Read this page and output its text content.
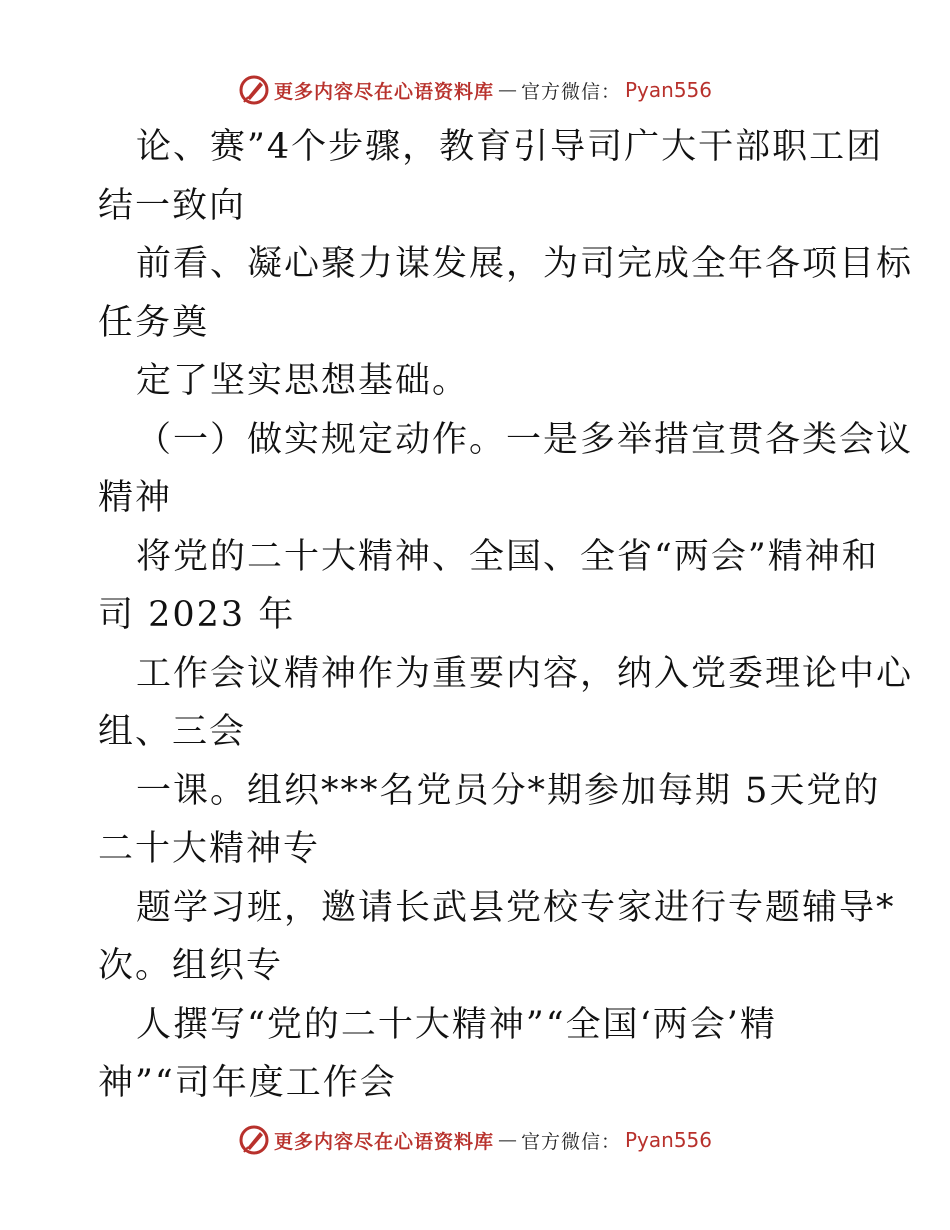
更多内容尽在心语资料库 — 官方微信： Pyan556

论、赛”4个步骤，教育引导司广大干部职工团
结一致向

前看、凝心聚力谋发展，为司完成全年各项目标
任务奠

定了坚实思想基础。

（一）做实规定动作。一是多举措宣贯各类会议
精神

将党的二十大精神、全国、全省“两会”精神和
司 2023 年

工作会议精神作为重要内容，纳入党委理论中心
组、三会

一课。组织***名党员分*期参加每期 5天党的
二十大精神专

题学习班，邀请长武县党校专家进行专题辅导*
次。组织专

人撰写“党的二十大精神”“全国‘两会’精
神”“司年度工作会

更多内容尽在心语资料库 — 官方微信： Pyan556
